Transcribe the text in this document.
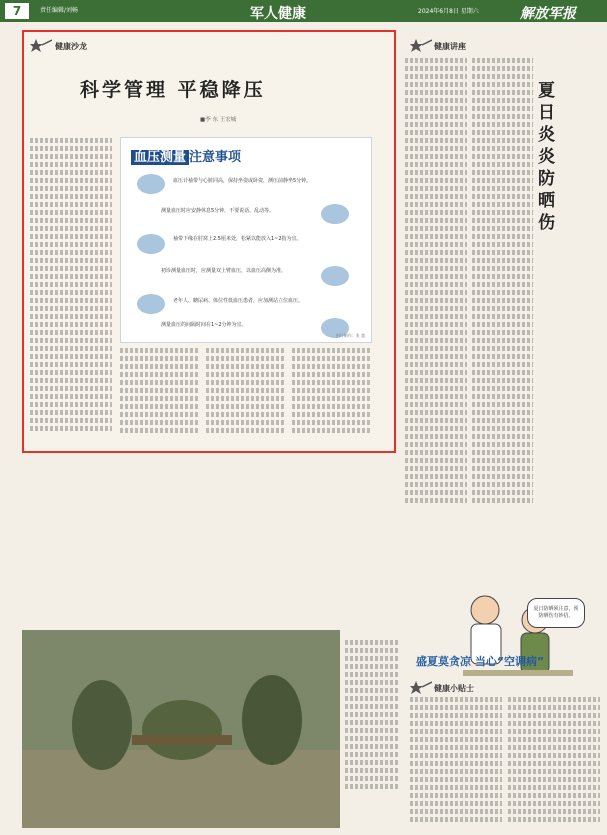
7	责任编辑/刘畅	军人健康	2024年6月8日 星期六	解放军报
健康沙龙
科学管理 平稳降压
■李 东 王宏城
血压测量 注意事项
血压计袖带与心脏同高，保持坐姿或卧姿，测压前静坐5分钟。
测量血压时应安静休息5分钟，不要说话、乱动等。
袖带下缘在肘窝上2.5厘米处，松紧以能放入1~2指为宜。
初诊测量血压时，应测量双上臂血压，以血压高侧为准。
老年人、糖尿病、体位性低血压患者，应加测站立位血压。
测量血压的间隔时间在1~2分钟为宜。
图片制作：张 越
健康讲座
夏日炎炎防晒伤
夏日防晒须注意，预防晒伤有妙招。
盛夏莫贪凉 当心“空调病”
健康小贴士
